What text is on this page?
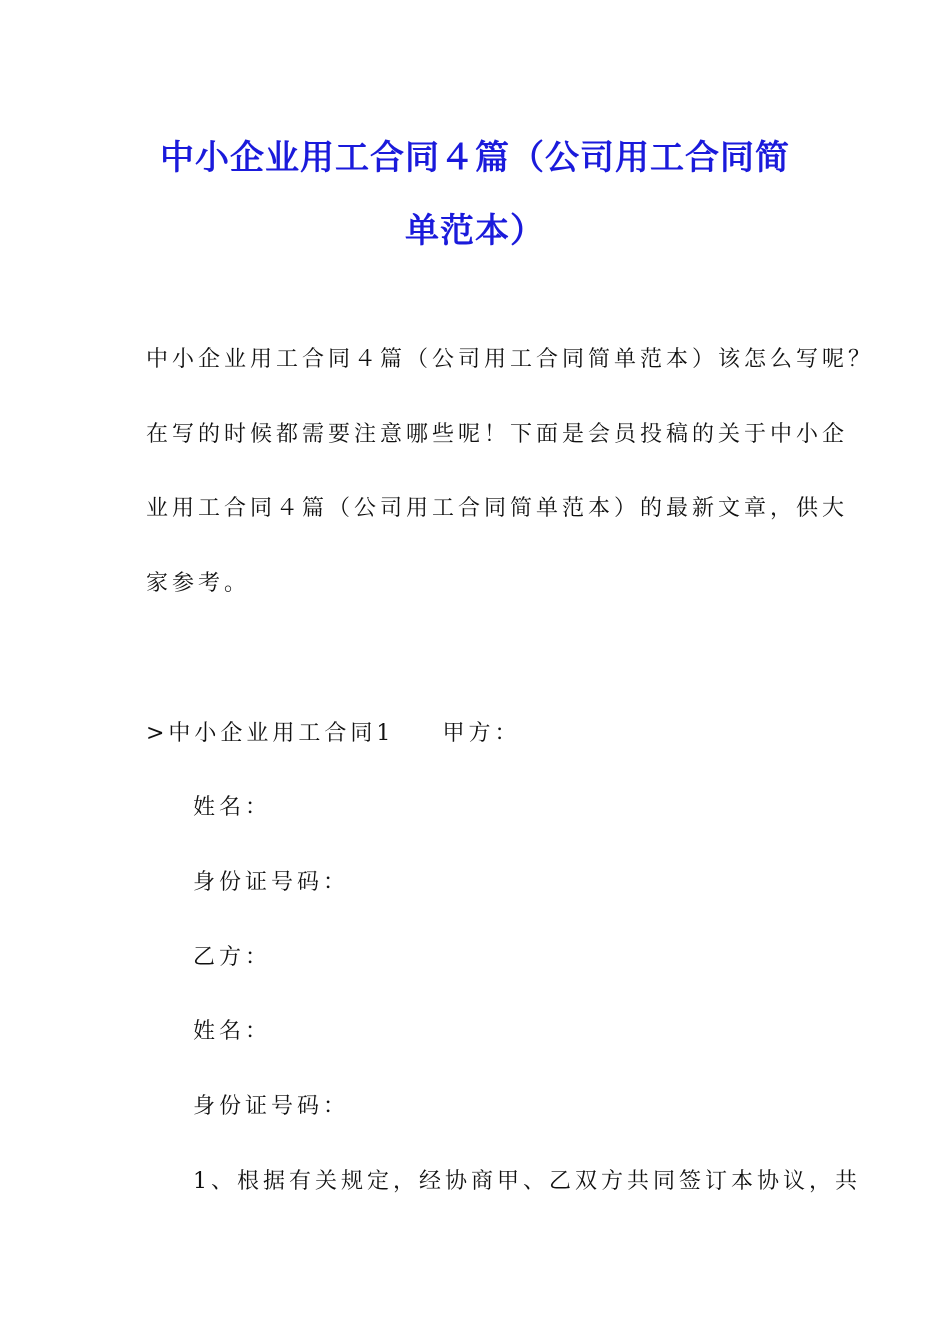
中小企业用工合同４篇（公司用工合同简
单范本）
中小企业用工合同４篇（公司用工合同简单范本）该怎么写呢？
在写的时候都需要注意哪些呢！下面是会员投稿的关于中小企
业用工合同４篇（公司用工合同简单范本）的最新文章，供大
家参考。
>中小企业用工合同1 甲方：
姓名：
身份证号码：
乙方：
姓名：
身份证号码：
1、根据有关规定，经协商甲、乙双方共同签订本协议，共
